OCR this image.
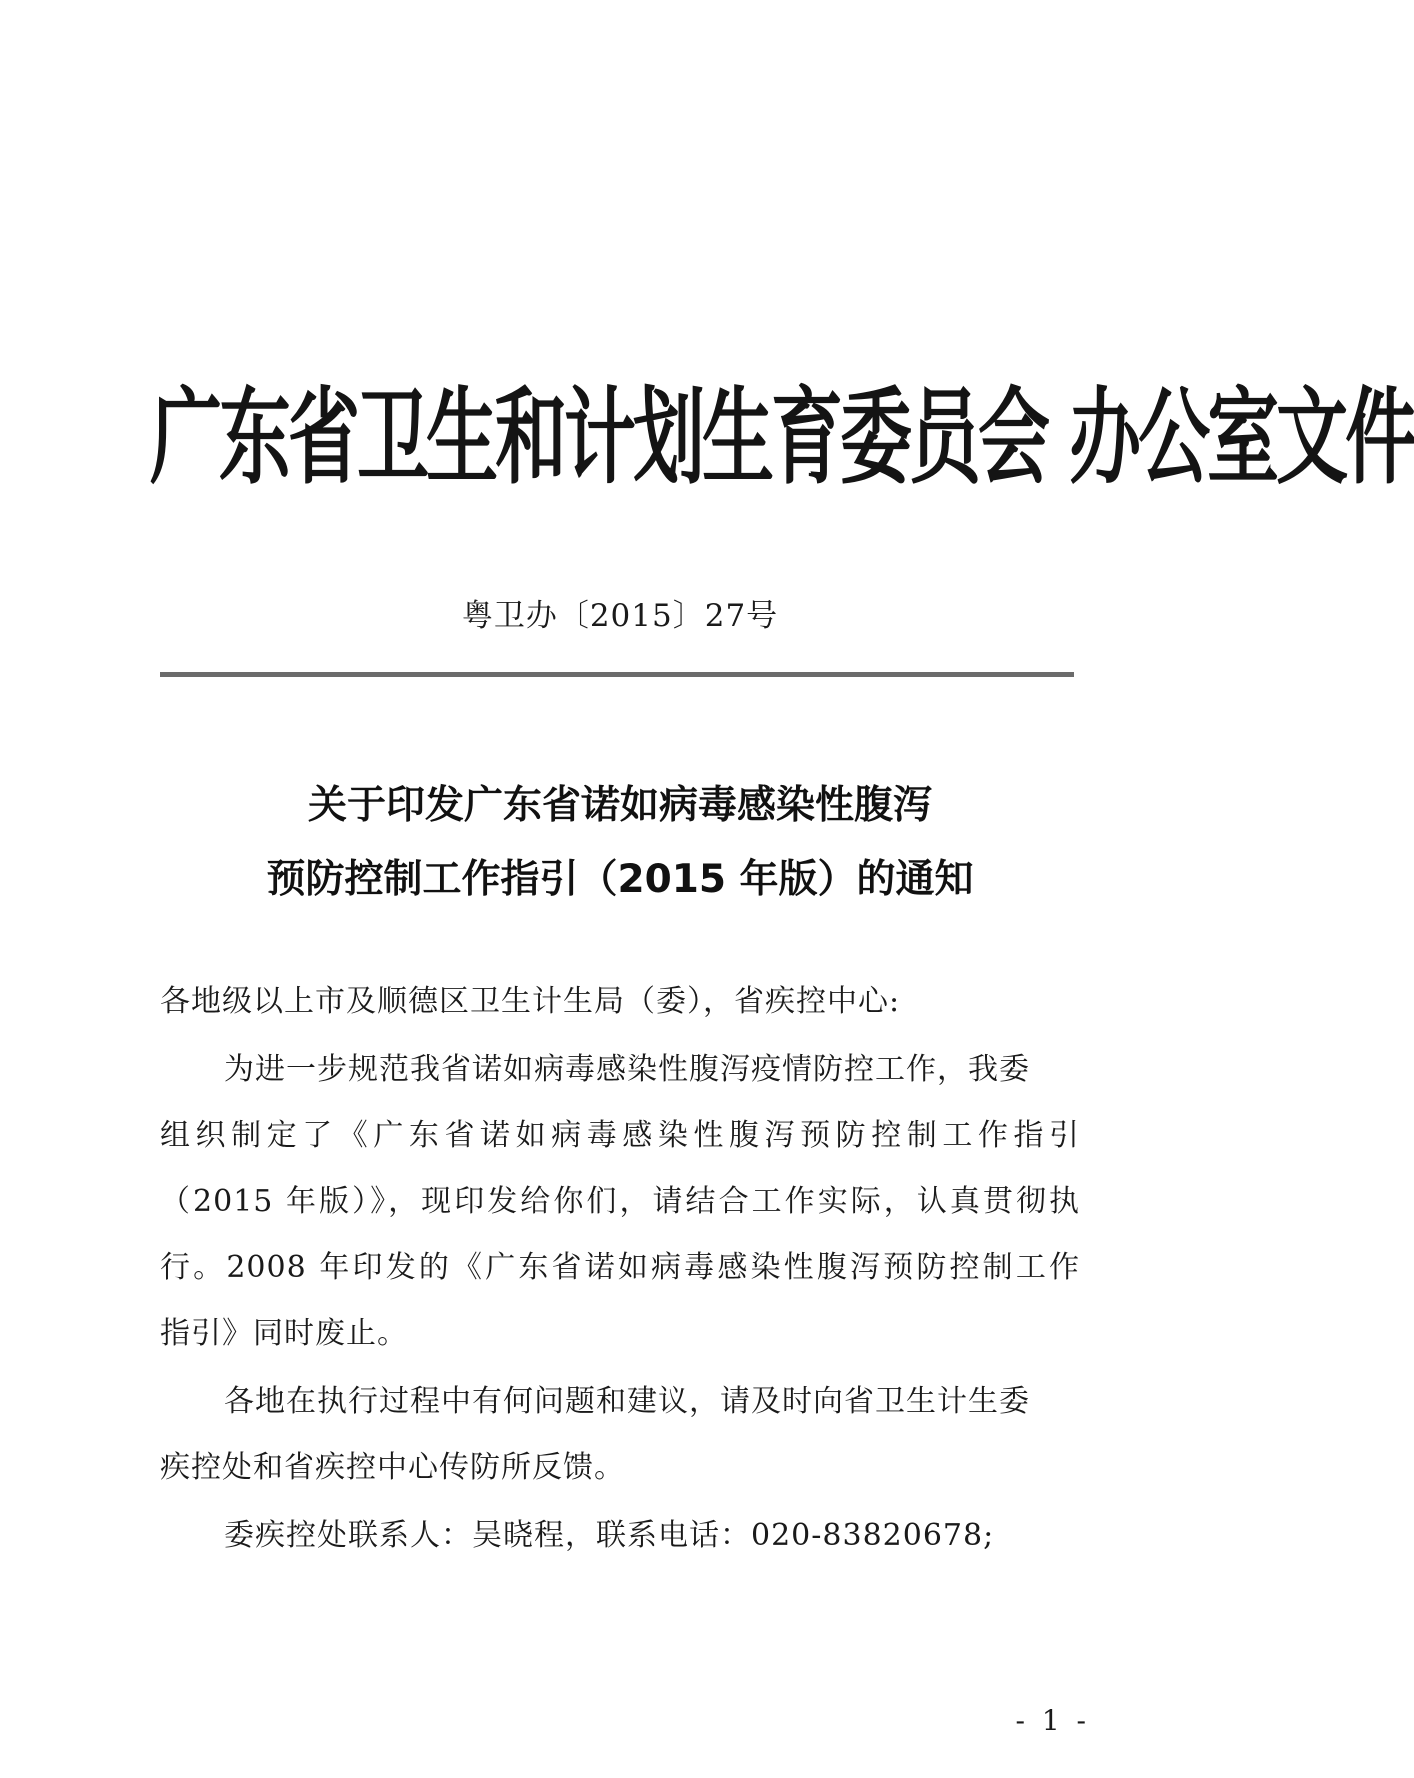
广东省卫生和计划生育委员会 办公室文件
粤卫办〔2015〕27号
关于印发广东省诺如病毒感染性腹泻
预防控制工作指引（2015 年版）的通知
各地级以上市及顺德区卫生计生局（委），省疾控中心:
为进一步规范我省诺如病毒感染性腹泻疫情防控工作，我委
组织制定了《广东省诺如病毒感染性腹泻预防控制工作指引
（2015 年版）》，现印发给你们，请结合工作实际，认真贯彻执
行。2008 年印发的《广东省诺如病毒感染性腹泻预防控制工作
指引》同时废止。
各地在执行过程中有何问题和建议，请及时向省卫生计生委
疾控处和省疾控中心传防所反馈。
委疾控处联系人：吴晓程，联系电话：020-83820678;
- 1 -
